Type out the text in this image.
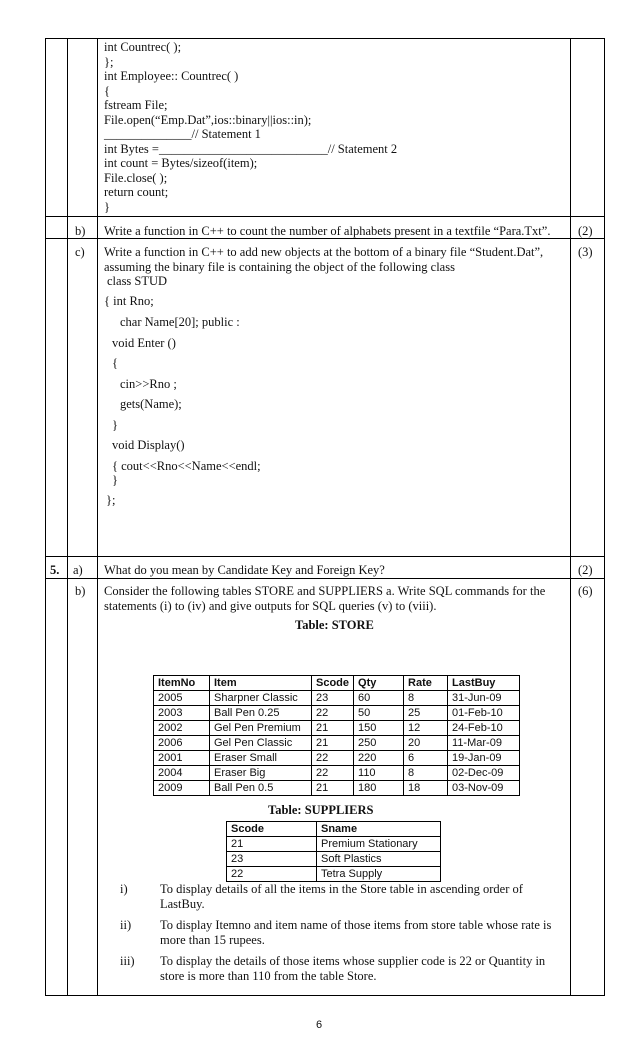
int Countrec( );
};
int Employee:: Countrec( )
{
fstream File;
File.open(“Emp.Dat”,ios::binary||ios::in);
______________// Statement 1
int Bytes =___________________________// Statement 2
int count = Bytes/sizeof(item);
File.close( );
return count;
}
b) Write a function in C++ to count the number of alphabets present in a textfile “Para.Txt”. (2)
c) Write a function in C++ to add new objects at the bottom of a binary file “Student.Dat”,
assuming the binary file is containing the object of the following class
(3)
class STUD
{ int Rno;
char Name[20]; public :
void Enter ()
{
cin>>Rno ;
gets(Name);
}
void Display()
{ cout<<Rno<<Name<<endl;
}
};
5. a) What do you mean by Candidate Key and Foreign Key?	(2)
b) Consider the following tables STORE and SUPPLIERS a. Write SQL commands for the
statements (i) to (iv) and give outputs for SQL queries (v) to (viii).
(6)
Table: STORE
ItemNo	Item	Scode	Qty	Rate	LastBuy
2005	Sharpner Classic	23	60	8	31-Jun-09
2003	Ball Pen 0.25	22	50	25	01-Feb-10
2002	Gel Pen Premium	21	150	12	24-Feb-10
2006	Gel Pen Classic	21	250	20	11-Mar-09
2001	Eraser Small	22	220	6	19-Jan-09
2004	Eraser Big	22	110	8	02-Dec-09
2009	Ball Pen 0.5	21	180	18	03-Nov-09
Table: SUPPLIERS
Scode	Sname
21	Premium Stationary
23	Soft Plastics
22	Tetra Supply
i)	To display details of all the items in the Store table in ascending order of
LastBuy.
ii) To display Itemno and item name of those items from store table whose rate is
more than 15 rupees.
iii) To display the details of those items whose supplier code is 22 or Quantity in
store is more than 110 from the table Store.
6
